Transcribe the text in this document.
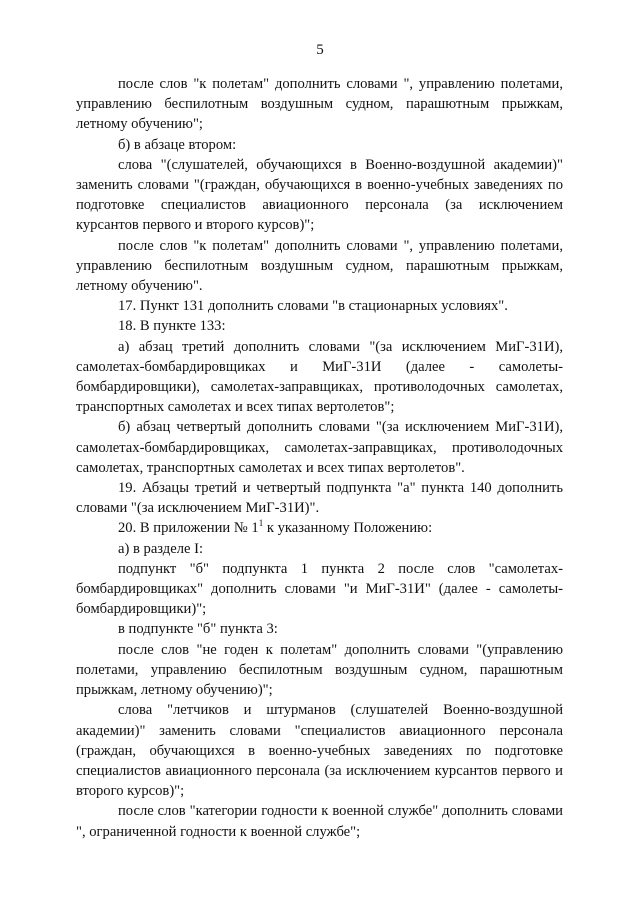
5

после слов "к полетам" дополнить словами ", управлению полетами, управлению беспилотным воздушным судном, парашютным прыжкам, летному обучению";

б) в абзаце втором:

слова "(слушателей, обучающихся в Военно-воздушной академии)" заменить словами "(граждан, обучающихся в военно-учебных заведениях по подготовке специалистов авиационного персонала (за исключением курсантов первого и второго курсов)";

после слов "к полетам" дополнить словами ", управлению полетами, управлению беспилотным воздушным судном, парашютным прыжкам, летному обучению".

17. Пункт 131 дополнить словами "в стационарных условиях".

18. В пункте 133:

а) абзац третий дополнить словами "(за исключением МиГ-31И), самолетах-бомбардировщиках и МиГ-31И (далее - самолеты-бомбардировщики), самолетах-заправщиках, противолодочных самолетах, транспортных самолетах и всех типах вертолетов";

б) абзац четвертый дополнить словами "(за исключением МиГ-31И), самолетах-бомбардировщиках, самолетах-заправщиках, противолодочных самолетах, транспортных самолетах и всех типах вертолетов".

19. Абзацы третий и четвертый подпункта "а" пункта 140 дополнить словами "(за исключением МиГ-31И)".

20. В приложении № $1^1$ к указанному Положению:

а) в разделе I:

подпункт "б" подпункта 1 пункта 2 после слов "самолетах-бомбардировщиках" дополнить словами "и МиГ-31И" (далее - самолеты-бомбардировщики)";

в подпункте "б" пункта 3:

после слов "не годен к полетам" дополнить словами "(управлению полетами, управлению беспилотным воздушным судном, парашютным прыжкам, летному обучению)";

слова "летчиков и штурманов (слушателей Военно-воздушной академии)" заменить словами "специалистов авиационного персонала (граждан, обучающихся в военно-учебных заведениях по подготовке специалистов авиационного персонала (за исключением курсантов первого и второго курсов)";

после слов "категории годности к военной службе" дополнить словами ", ограниченной годности к военной службе";
